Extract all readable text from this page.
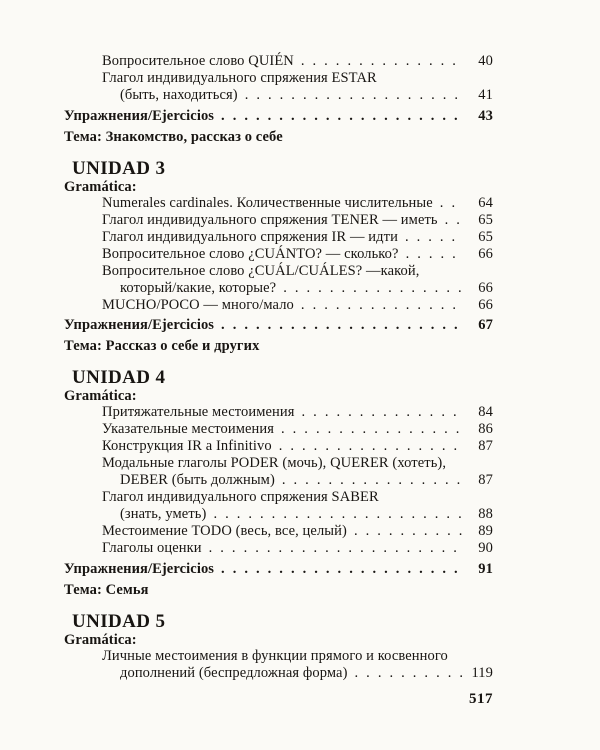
Вопросительное слово QUIÉN . . .	40
Глагол индивидуального спряжения ESTAR
(быть, находиться) . . .	41
Упражнения/Ejercicios . . .	43
Тема: Знакомство, рассказ о себе
UNIDAD 3
Gramática:
Numerales cardinales. Количественные числительные . . .	64
Глагол индивидуального спряжения TENER — иметь . . .	65
Глагол индивидуального спряжения IR — идти . . .	65
Вопросительное слово ¿CUÁNTO? — сколько? . . .	66
Вопросительное слово ¿CUÁL/CUÁLES? —какой,
который/какие, которые? . . .	66
MUCHO/POCO — много/мало . . .	66
Упражнения/Ejercicios . . .	67
Тема: Рассказ о себе и других
UNIDAD 4
Gramática:
Притяжательные местоимения . . .	84
Указательные местоимения . . .	86
Конструкция IR a Infinitivo . . .	87
Модальные глаголы PODER (мочь), QUERER (хотеть),
DEBER (быть должным) . . .	87
Глагол индивидуального спряжения SABER
(знать, уметь) . . .	88
Местоимение TODO (весь, все, целый) . . .	89
Глаголы оценки . . .	90
Упражнения/Ejercicios . . .	91
Тема: Семья
UNIDAD 5
Gramática:
Личные местоимения в функции прямого и косвенного
дополнений (беспредложная форма) . . .	119
517
